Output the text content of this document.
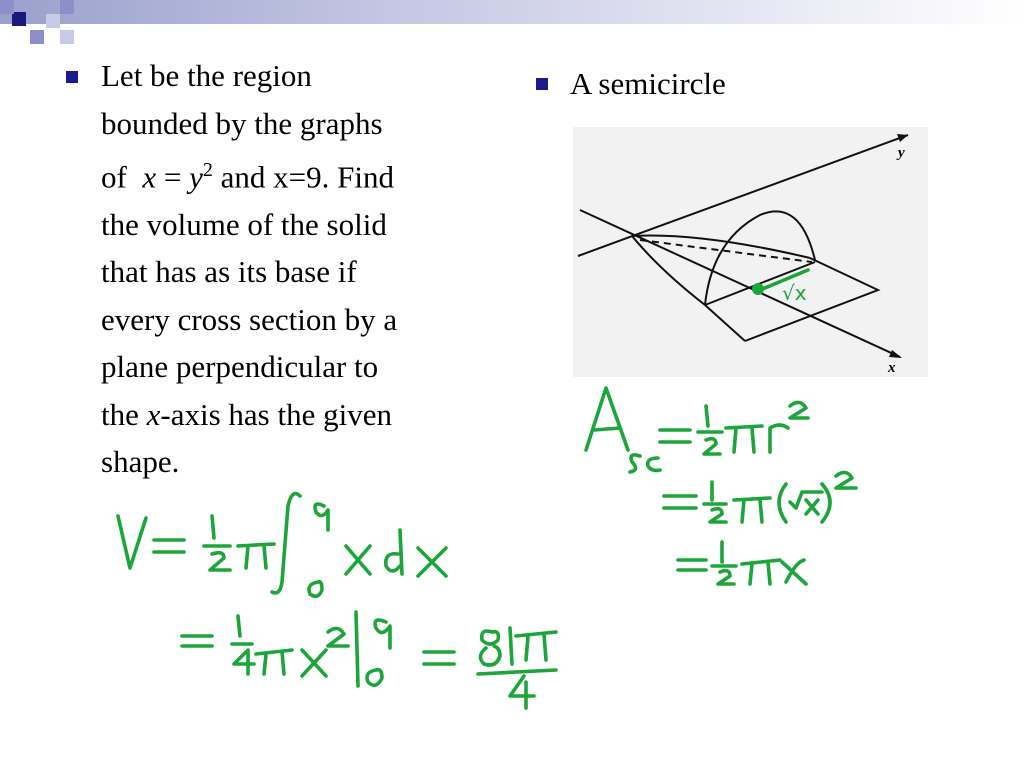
Let be the region
bounded by the graphs
of $x = y^2$ and x=9. Find
the volume of the solid
that has as its base if
every cross section by a
plane perpendicular to
the x-axis has the given
shape.
A semicircle
y
x
√x
